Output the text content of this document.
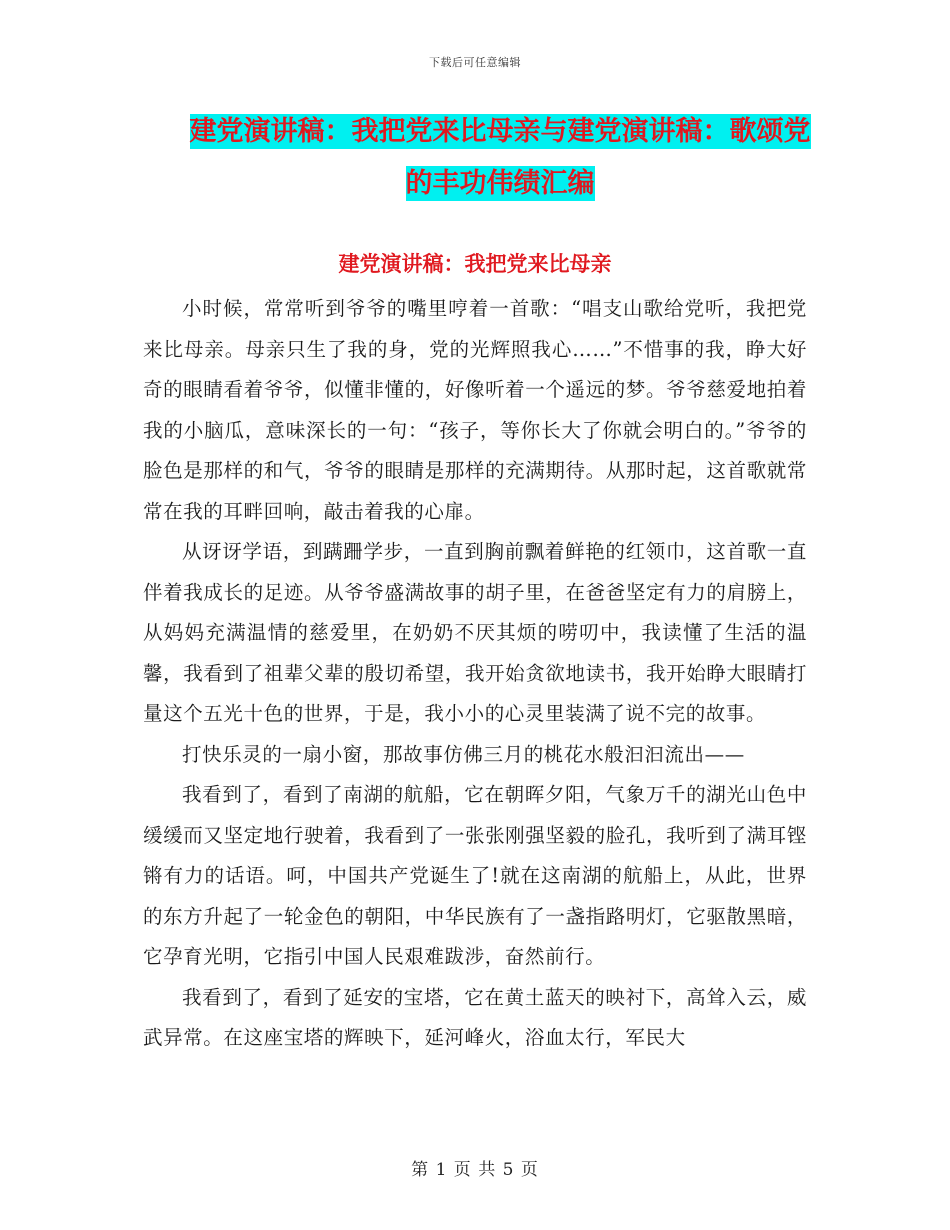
下载后可任意编辑
建党演讲稿：我把党来比母亲与建党演讲稿：歌颂党
的丰功伟绩汇编
建党演讲稿：我把党来比母亲

小时候，常常听到爷爷的嘴里哼着一首歌：“唱支山歌给党听，我把党来比母亲。母亲只生了我的身，党的光辉照我心……”不惜事的我，睁大好奇的眼睛看着爷爷，似懂非懂的，好像听着一个遥远的梦。爷爷慈爱地拍着我的小脑瓜，意味深长的一句：“孩子，等你长大了你就会明白的。”爷爷的脸色是那样的和气，爷爷的眼睛是那样的充满期待。从那时起，这首歌就常常在我的耳畔回响，敲击着我的心扉。

从讶讶学语，到蹒跚学步，一直到胸前飘着鲜艳的红领巾，这首歌一直伴着我成长的足迹。从爷爷盛满故事的胡子里，在爸爸坚定有力的肩膀上，从妈妈充满温情的慈爱里，在奶奶不厌其烦的唠叨中，我读懂了生活的温馨，我看到了祖辈父辈的殷切希望，我开始贪欲地读书，我开始睁大眼睛打量这个五光十色的世界，于是，我小小的心灵里装满了说不完的故事。

打快乐灵的一扇小窗，那故事仿佛三月的桃花水般汩汩流出——

我看到了，看到了南湖的航船，它在朝晖夕阳，气象万千的湖光山色中缓缓而又坚定地行驶着，我看到了一张张刚强坚毅的脸孔，我听到了满耳铿锵有力的话语。呵，中国共产党诞生了!就在这南湖的航船上，从此，世界的东方升起了一轮金色的朝阳，中华民族有了一盏指路明灯，它驱散黑暗，它孕育光明，它指引中国人民艰难跋涉，奋然前行。

我看到了，看到了延安的宝塔，它在黄土蓝天的映衬下，高耸入云，威武异常。在这座宝塔的辉映下，延河峰火，浴血太行，军民大

第 1 页 共 5 页
